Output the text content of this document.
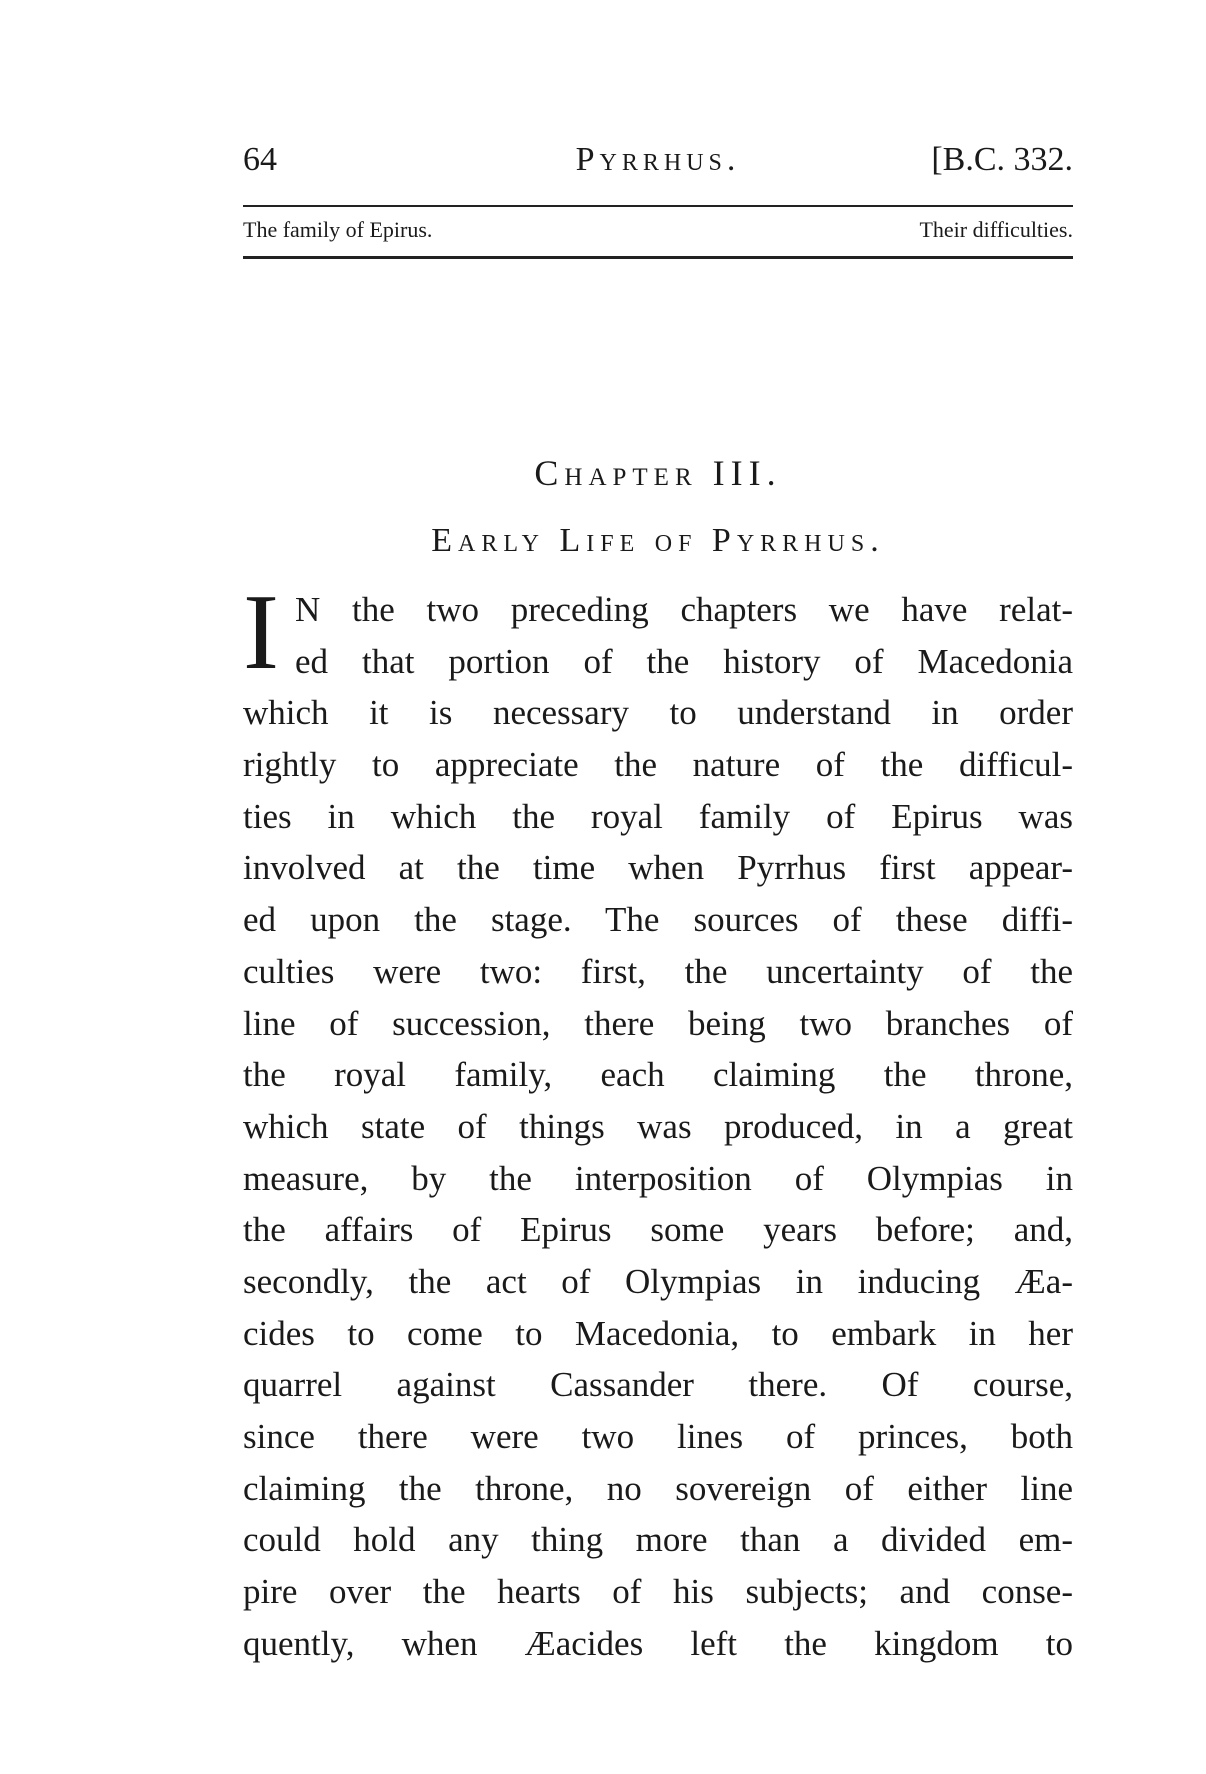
64	Pyrrhus.	[B.C. 332.
The family of Epirus.	Their difficulties.
Chapter III.
Early Life of Pyrrhus.
I N the two preceding chapters we have relat-
ed that portion of the history of Macedonia
which it is necessary to understand in order
rightly to appreciate the nature of the difficul-
ties in which the royal family of Epirus was
involved at the time when Pyrrhus first appear-
ed upon the stage. The sources of these diffi-
culties were two: first, the uncertainty of the
line of succession, there being two branches of
the royal family, each claiming the throne,
which state of things was produced, in a great
measure, by the interposition of Olympias in
the affairs of Epirus some years before; and,
secondly, the act of Olympias in inducing Æa-
cides to come to Macedonia, to embark in her
quarrel against Cassander there. Of course,
since there were two lines of princes, both
claiming the throne, no sovereign of either line
could hold any thing more than a divided em-
pire over the hearts of his subjects; and conse-
quently, when Æacides left the kingdom to
